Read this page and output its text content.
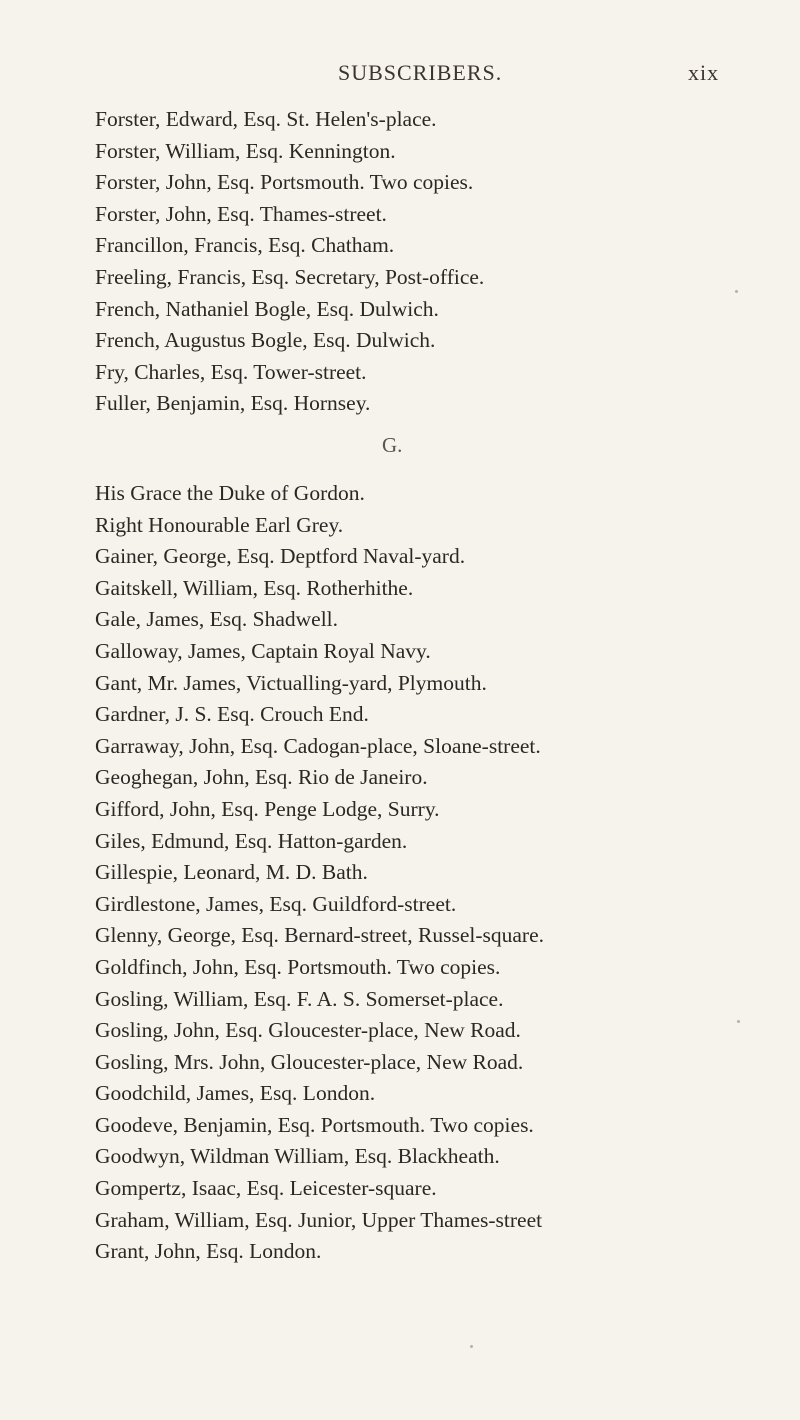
SUBSCRIBERS.	xix
Forster, Edward, Esq. St. Helen's-place.
Forster, William, Esq. Kennington.
Forster, John, Esq. Portsmouth. Two copies.
Forster, John, Esq. Thames-street.
Francillon, Francis, Esq. Chatham.
Freeling, Francis, Esq. Secretary, Post-office.
French, Nathaniel Bogle, Esq. Dulwich.
French, Augustus Bogle, Esq. Dulwich.
Fry, Charles, Esq. Tower-street.
Fuller, Benjamin, Esq. Hornsey.
G.
His Grace the Duke of Gordon.
Right Honourable Earl Grey.
Gainer, George, Esq. Deptford Naval-yard.
Gaitskell, William, Esq. Rotherhithe.
Gale, James, Esq. Shadwell.
Galloway, James, Captain Royal Navy.
Gant, Mr. James, Victualling-yard, Plymouth.
Gardner, J. S. Esq. Crouch End.
Garraway, John, Esq. Cadogan-place, Sloane-street.
Geoghegan, John, Esq. Rio de Janeiro.
Gifford, John, Esq. Penge Lodge, Surry.
Giles, Edmund, Esq. Hatton-garden.
Gillespie, Leonard, M. D. Bath.
Girdlestone, James, Esq. Guildford-street.
Glenny, George, Esq. Bernard-street, Russel-square.
Goldfinch, John, Esq. Portsmouth. Two copies.
Gosling, William, Esq. F. A. S. Somerset-place.
Gosling, John, Esq. Gloucester-place, New Road.
Gosling, Mrs. John, Gloucester-place, New Road.
Goodchild, James, Esq. London.
Goodeve, Benjamin, Esq. Portsmouth. Two copies.
Goodwyn, Wildman William, Esq. Blackheath.
Gompertz, Isaac, Esq. Leicester-square.
Graham, William, Esq. Junior, Upper Thames-street
Grant, John, Esq. London.
